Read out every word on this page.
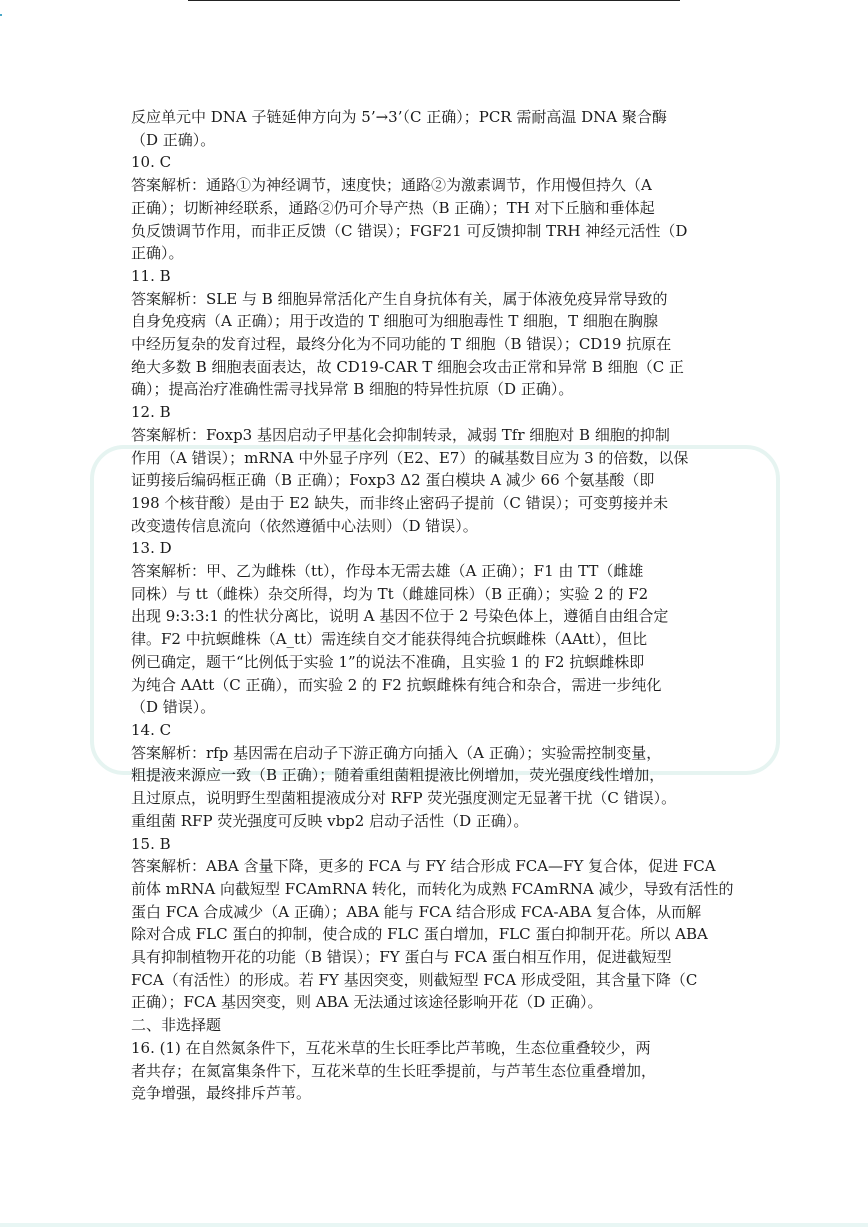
反应单元中 DNA 子链延伸方向为 5’→3’（C 正确）；PCR 需耐高温 DNA 聚合酶

（D 正确）。

10. C

答案解析：通路①为神经调节，速度快；通路②为激素调节，作用慢但持久（A

正确）；切断神经联系，通路②仍可介导产热（B 正确）；TH 对下丘脑和垂体起

负反馈调节作用，而非正反馈（C 错误）；FGF21 可反馈抑制 TRH 神经元活性（D

正确）。

11. B

答案解析：SLE 与 B 细胞异常活化产生自身抗体有关，属于体液免疫异常导致的

自身免疫病（A 正确）；用于改造的 T 细胞可为细胞毒性 T 细胞，T 细胞在胸腺

中经历复杂的发育过程，最终分化为不同功能的 T 细胞（B 错误）；CD19 抗原在

绝大多数 B 细胞表面表达，故 CD19-CAR T 细胞会攻击正常和异常 B 细胞（C 正

确）；提高治疗准确性需寻找异常 B 细胞的特异性抗原（D 正确）。

12. B

答案解析：Foxp3 基因启动子甲基化会抑制转录，减弱 Tfr 细胞对 B 细胞的抑制

作用（A 错误）；mRNA 中外显子序列（E2、E7）的碱基数目应为 3 的倍数，以保

证剪接后编码框正确（B 正确）；Foxp3 Δ2 蛋白模块 A 减少 66 个氨基酸（即

198 个核苷酸）是由于 E2 缺失，而非终止密码子提前（C 错误）；可变剪接并未

改变遗传信息流向（依然遵循中心法则）（D 错误）。

13. D

答案解析：甲、乙为雌株（tt），作母本无需去雄（A 正确）；F1 由 TT（雌雄

同株）与 tt（雌株）杂交所得，均为 Tt（雌雄同株）（B 正确）；实验 2 的 F2

出现 9:3:3:1 的性状分离比，说明 A 基因不位于 2 号染色体上，遵循自由组合定

律。F2 中抗螟雌株（A_tt）需连续自交才能获得纯合抗螟雌株（AAtt），但比

例已确定，题干“比例低于实验 1”的说法不准确，且实验 1 的 F2 抗螟雌株即

为纯合 AAtt（C 正确），而实验 2 的 F2 抗螟雌株有纯合和杂合，需进一步纯化

（D 错误）。

14. C

答案解析：rfp 基因需在启动子下游正确方向插入（A 正确）；实验需控制变量，

粗提液来源应一致（B 正确）；随着重组菌粗提液比例增加，荧光强度线性增加，

且过原点，说明野生型菌粗提液成分对 RFP 荧光强度测定无显著干扰（C 错误）。

重组菌 RFP 荧光强度可反映 vbp2 启动子活性（D 正确）。

15. B

答案解析：ABA 含量下降，更多的 FCA 与 FY 结合形成 FCA—FY 复合体，促进 FCA

前体 mRNA 向截短型 FCAmRNA 转化，而转化为成熟 FCAmRNA 减少，导致有活性的

蛋白 FCA 合成减少（A 正确）；ABA 能与 FCA 结合形成 FCA-ABA 复合体，从而解

除对合成 FLC 蛋白的抑制，使合成的 FLC 蛋白增加，FLC 蛋白抑制开花。所以 ABA

具有抑制植物开花的功能（B 错误）；FY 蛋白与 FCA 蛋白相互作用，促进截短型

FCA（有活性）的形成。若 FY 基因突变，则截短型 FCA 形成受阻，其含量下降（C

正确）；FCA 基因突变，则 ABA 无法通过该途径影响开花（D 正确）。

二、非选择题

16. (1) 在自然氮条件下，互花米草的生长旺季比芦苇晚，生态位重叠较少，两

者共存；在氮富集条件下，互花米草的生长旺季提前，与芦苇生态位重叠增加，

竞争增强，最终排斥芦苇。
